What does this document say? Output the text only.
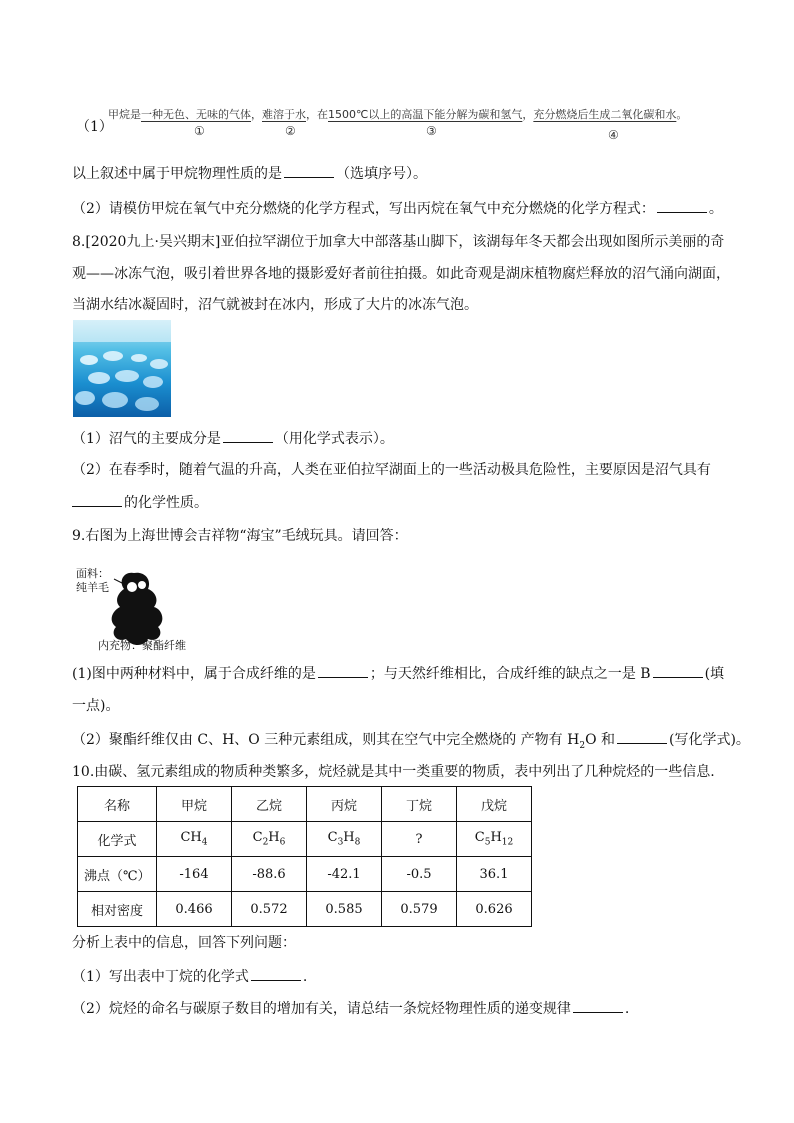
（1）
甲烷是一种无色、无味的气体，难溶于水，在1500℃以上的高温下能分解为碳和氢气，充分燃烧后生成二氧化碳和水。
①	②	③	④
以上叙述中属于甲烷物理性质的是	（选填序号）。
（2）请模仿甲烷在氧气中充分燃烧的化学方程式，写出丙烷在氧气中充分燃烧的化学方程式：	。
8.[2020九上·吴兴期末]亚伯拉罕湖位于加拿大中部落基山脚下，该湖每年冬天都会出现如图所示美丽的奇
观——冰冻气泡，吸引着世界各地的摄影爱好者前往拍摄。如此奇观是湖床植物腐烂释放的沼气涌向湖面，
当湖水结冰凝固时，沼气就被封在冰内，形成了大片的冰冻气泡。
（1）沼气的主要成分是	（用化学式表示）。
（2）在春季时，随着气温的升高，人类在亚伯拉罕湖面上的一些活动极具危险性，主要原因是沼气具有
的化学性质。
9.右图为上海世博会吉祥物“海宝”毛绒玩具。请回答：
面料：
纯羊毛
内充物：聚酯纤维
(1)图中两种材料中，属于合成纤维的是	；与天然纤维相比，合成纤维的缺点之一是 B	(填
一点)。
（2）聚酯纤维仅由 C、H、O 三种元素组成，则其在空气中完全燃烧的 产物有 $H_2O$ 和	(写化学式)。
10.由碳、氢元素组成的物质种类繁多，烷烃就是其中一类重要的物质，表中列出了几种烷烃的一些信息.
名称	甲烷	乙烷	丙烷	丁烷	戊烷
化学式	$CH_4$	$C_2H_6$	$C_3H_8$	?	$C_5H_{12}$
沸点（℃）	-164	-88.6	-42.1	-0.5	36.1
相对密度	0.466	0.572	0.585	0.579	0.626
分析上表中的信息，回答下列问题：
（1）写出表中丁烷的化学式	.
（2）烷烃的命名与碳原子数目的增加有关，请总结一条烷烃物理性质的递变规律	.
